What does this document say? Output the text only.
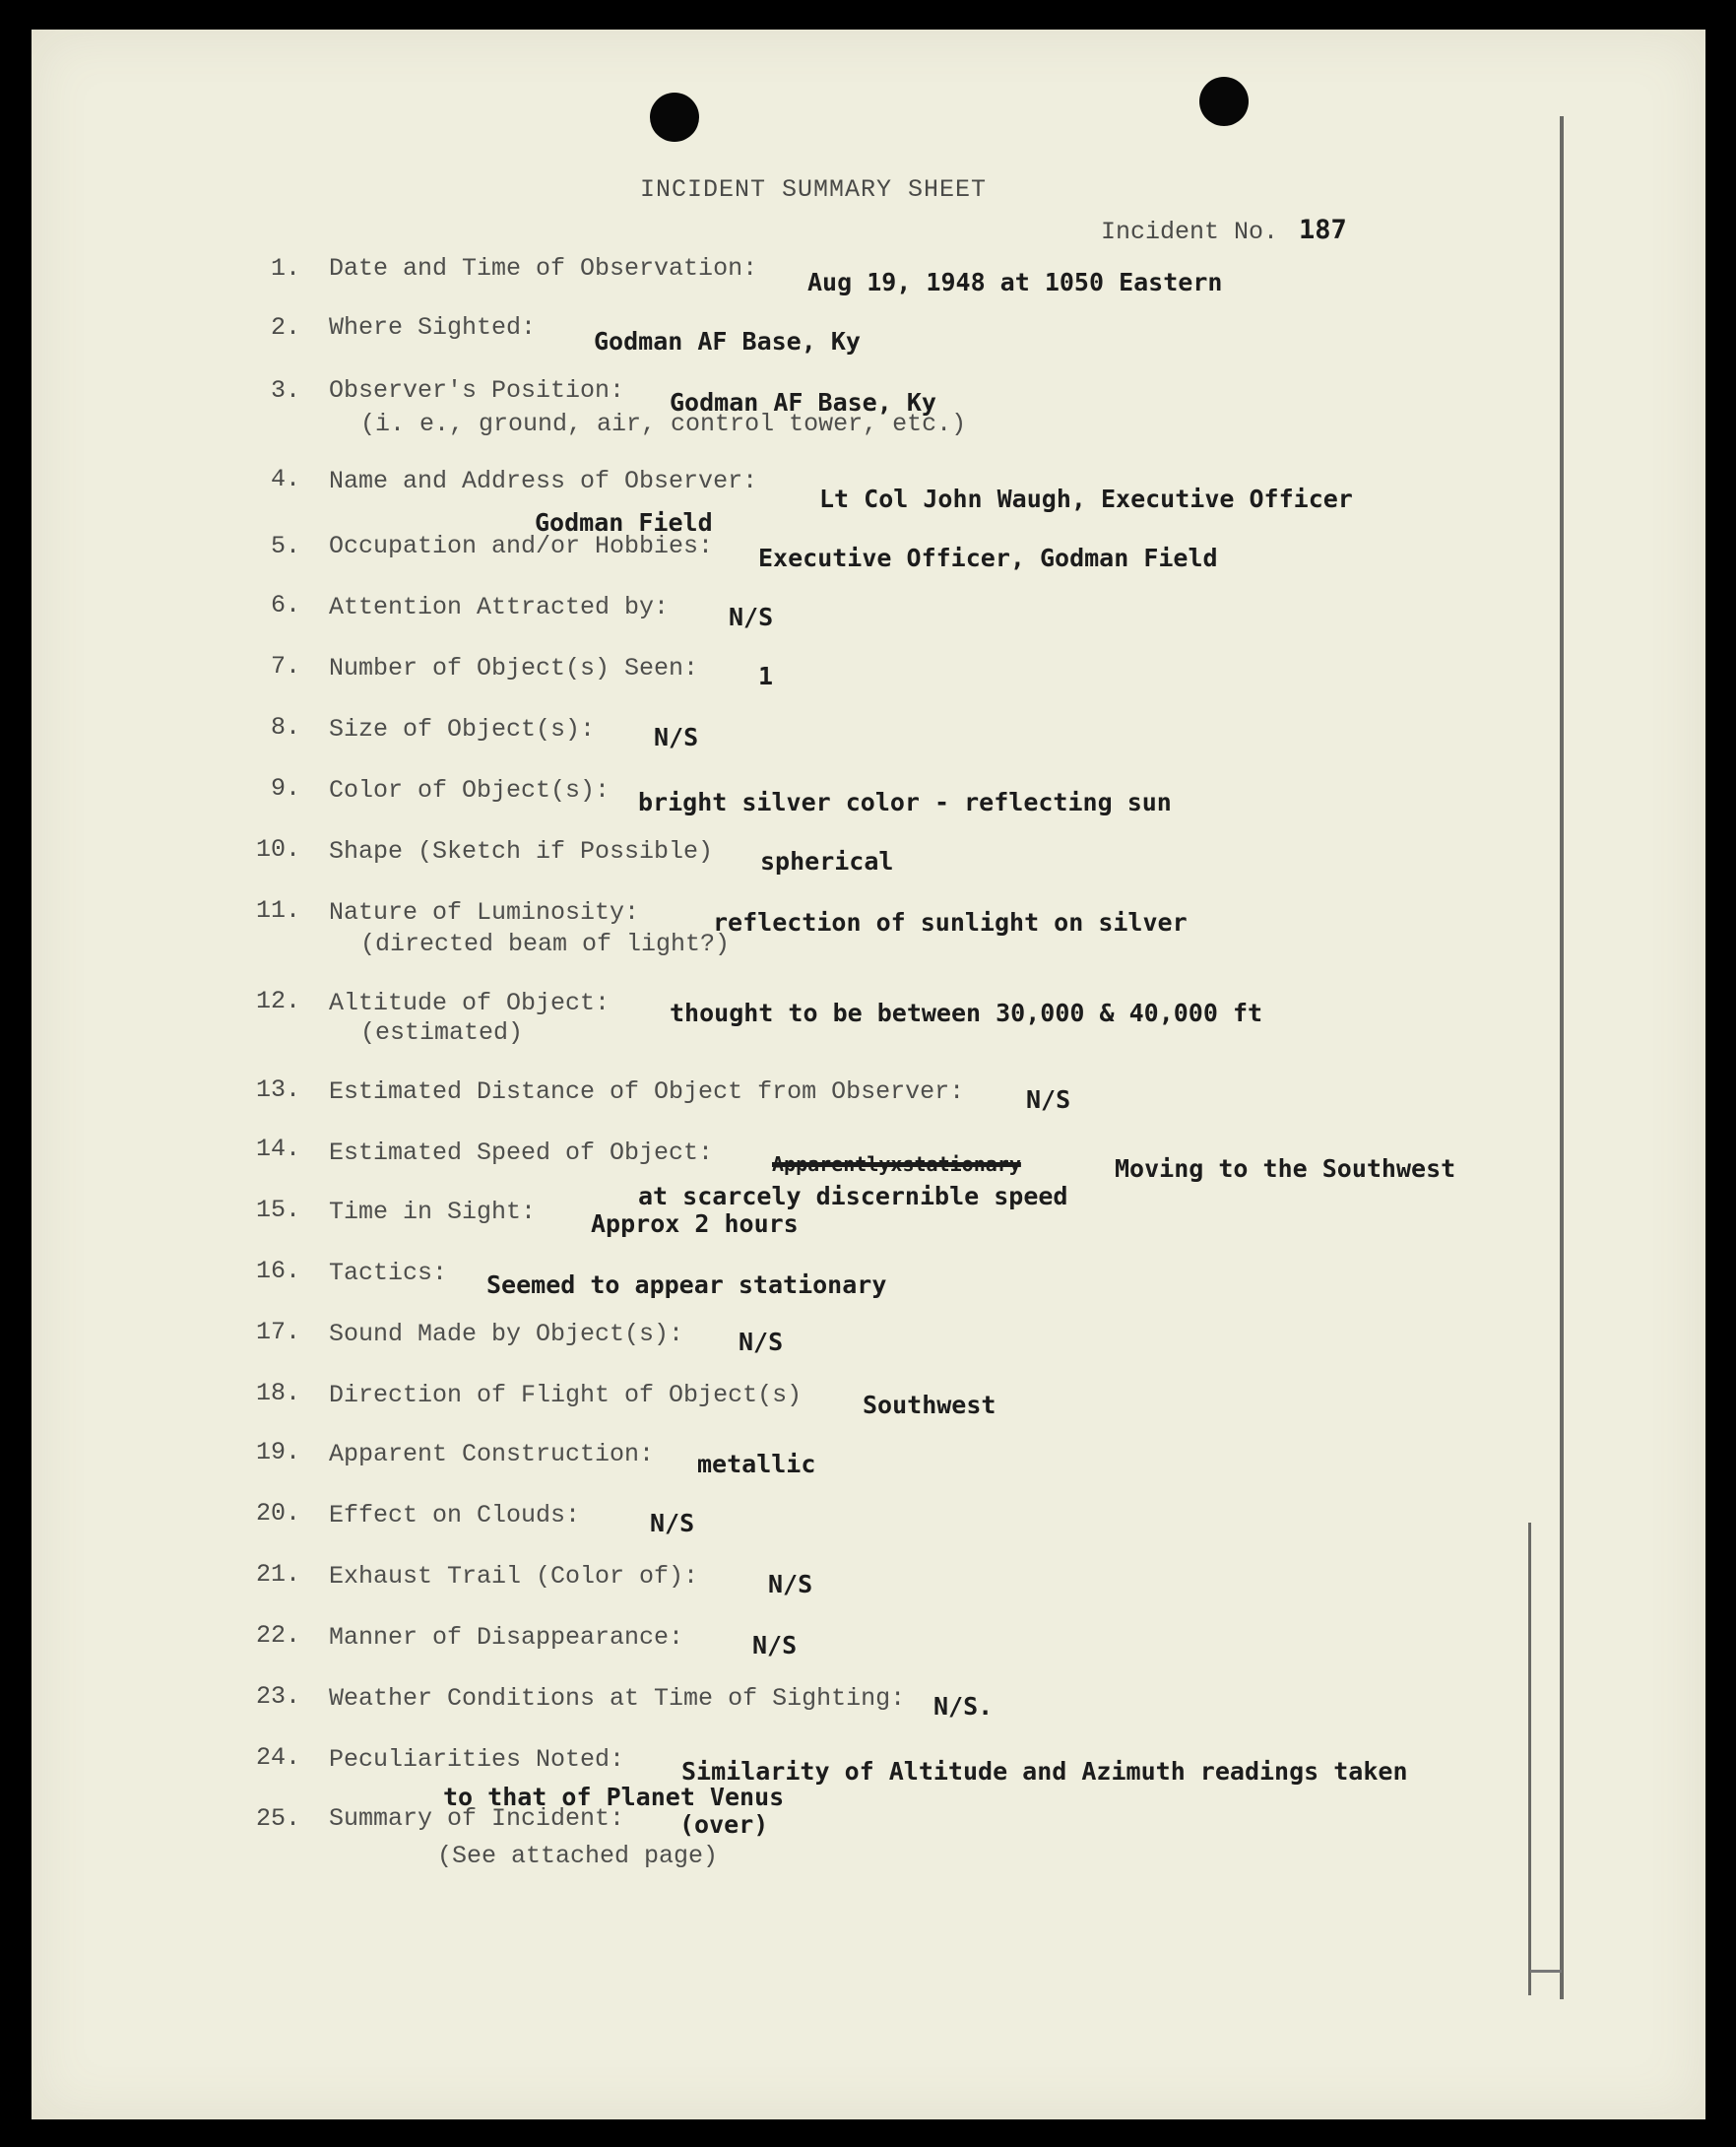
INCIDENT SUMMARY SHEET
Incident No. 187
1. Date and Time of Observation: Aug 19, 1948 at 1050 Eastern
2. Where Sighted: Godman AF Base, Ky
3. Observer's Position:
(i. e., ground, air, control tower, etc.)
Godman AF Base, Ky
4. Name and Address of Observer:
Lt Col John Waugh, Executive Officer
Godman Field
5. Occupation and/or Hobbies: Executive Officer, Godman Field
6. Attention Attracted by: N/S
7. Number of Object(s) Seen: 1
8. Size of Object(s): N/S
9. Color of Object(s): bright silver color - reflecting sun
10. Shape (Sketch if Possible) spherical
11. Nature of Luminosity:
(directed beam of light?)
reflection of sunlight on silver
12. Altitude of Object:
(estimated)
thought to be between 30,000 & 40,000 ft
13. Estimated Distance of Object from Observer:	N/S
14. Estimated Speed of Object:	Apparentlyxstationary	Moving to the Southwest
at scarcely discernible speed
15. Time in Sight: Approx 2 hours
16. Tactics: Seemed to appear stationary
17. Sound Made by Object(s): N/S
18. Direction of Flight of Object(s) Southwest
19. Apparent Construction: metallic
20. Effect on Clouds:	N/S
21. Exhaust Trail (Color of):	N/S
22. Manner of Disappearance:	N/S
23. Weather Conditions at Time of Sighting: N/S.
24. Peculiarities Noted: Similarity of Altitude and Azimuth readings taken
to that of Planet Venus
25. Summary of Incident:
(See attached page)
(over)
